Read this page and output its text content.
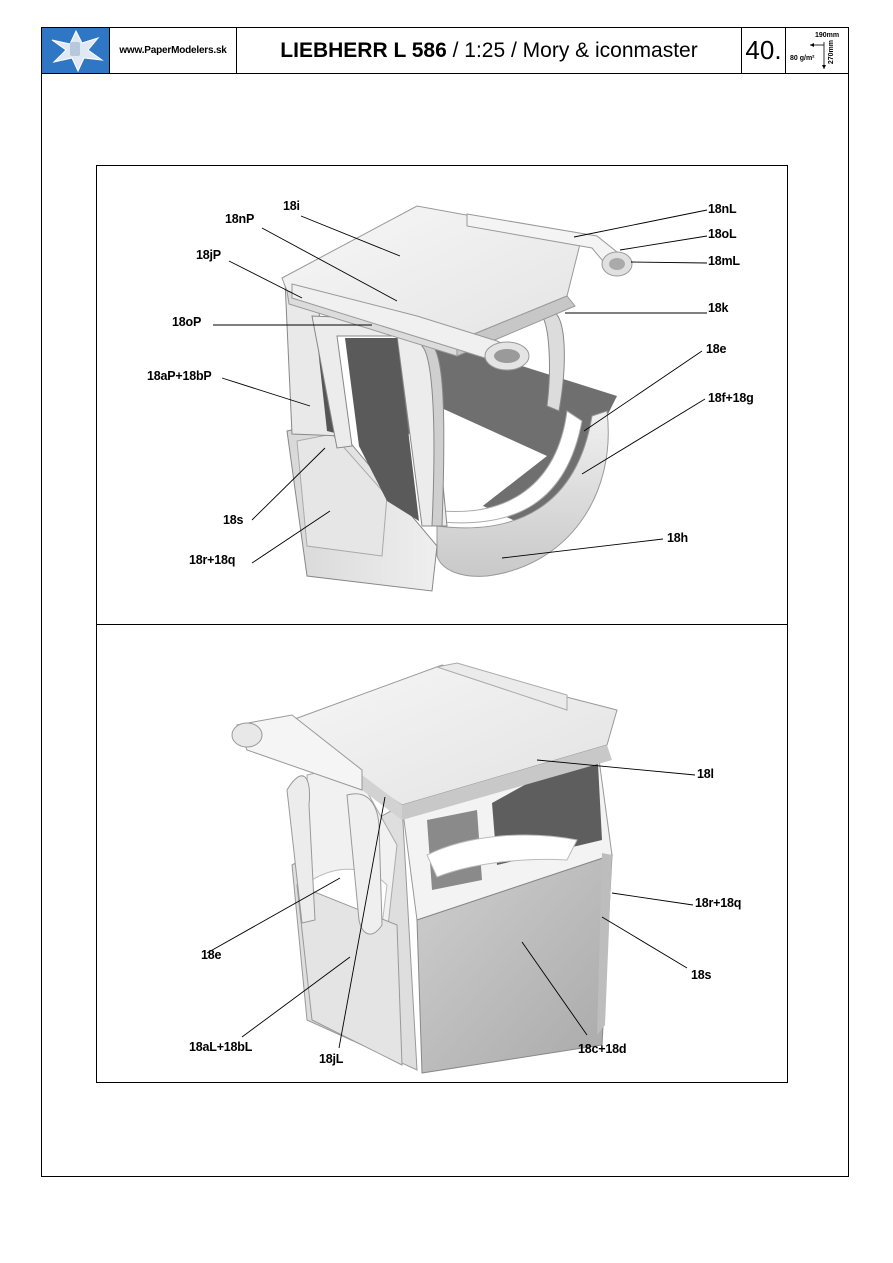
www.PaperModelers.sk	LIEBHERR L 586 / 1:25 / Mory & iconmaster 40.	190mm
80 g/m² 270mm
18i
18nP
18jP
18oP
18aP+18bP
18s
18r+18q
18nL
18oL
18mL
18k
18e
18f+18g
18h
18l
18r+18q
18s
18e
18aL+18bL
18jL
18c+18d
